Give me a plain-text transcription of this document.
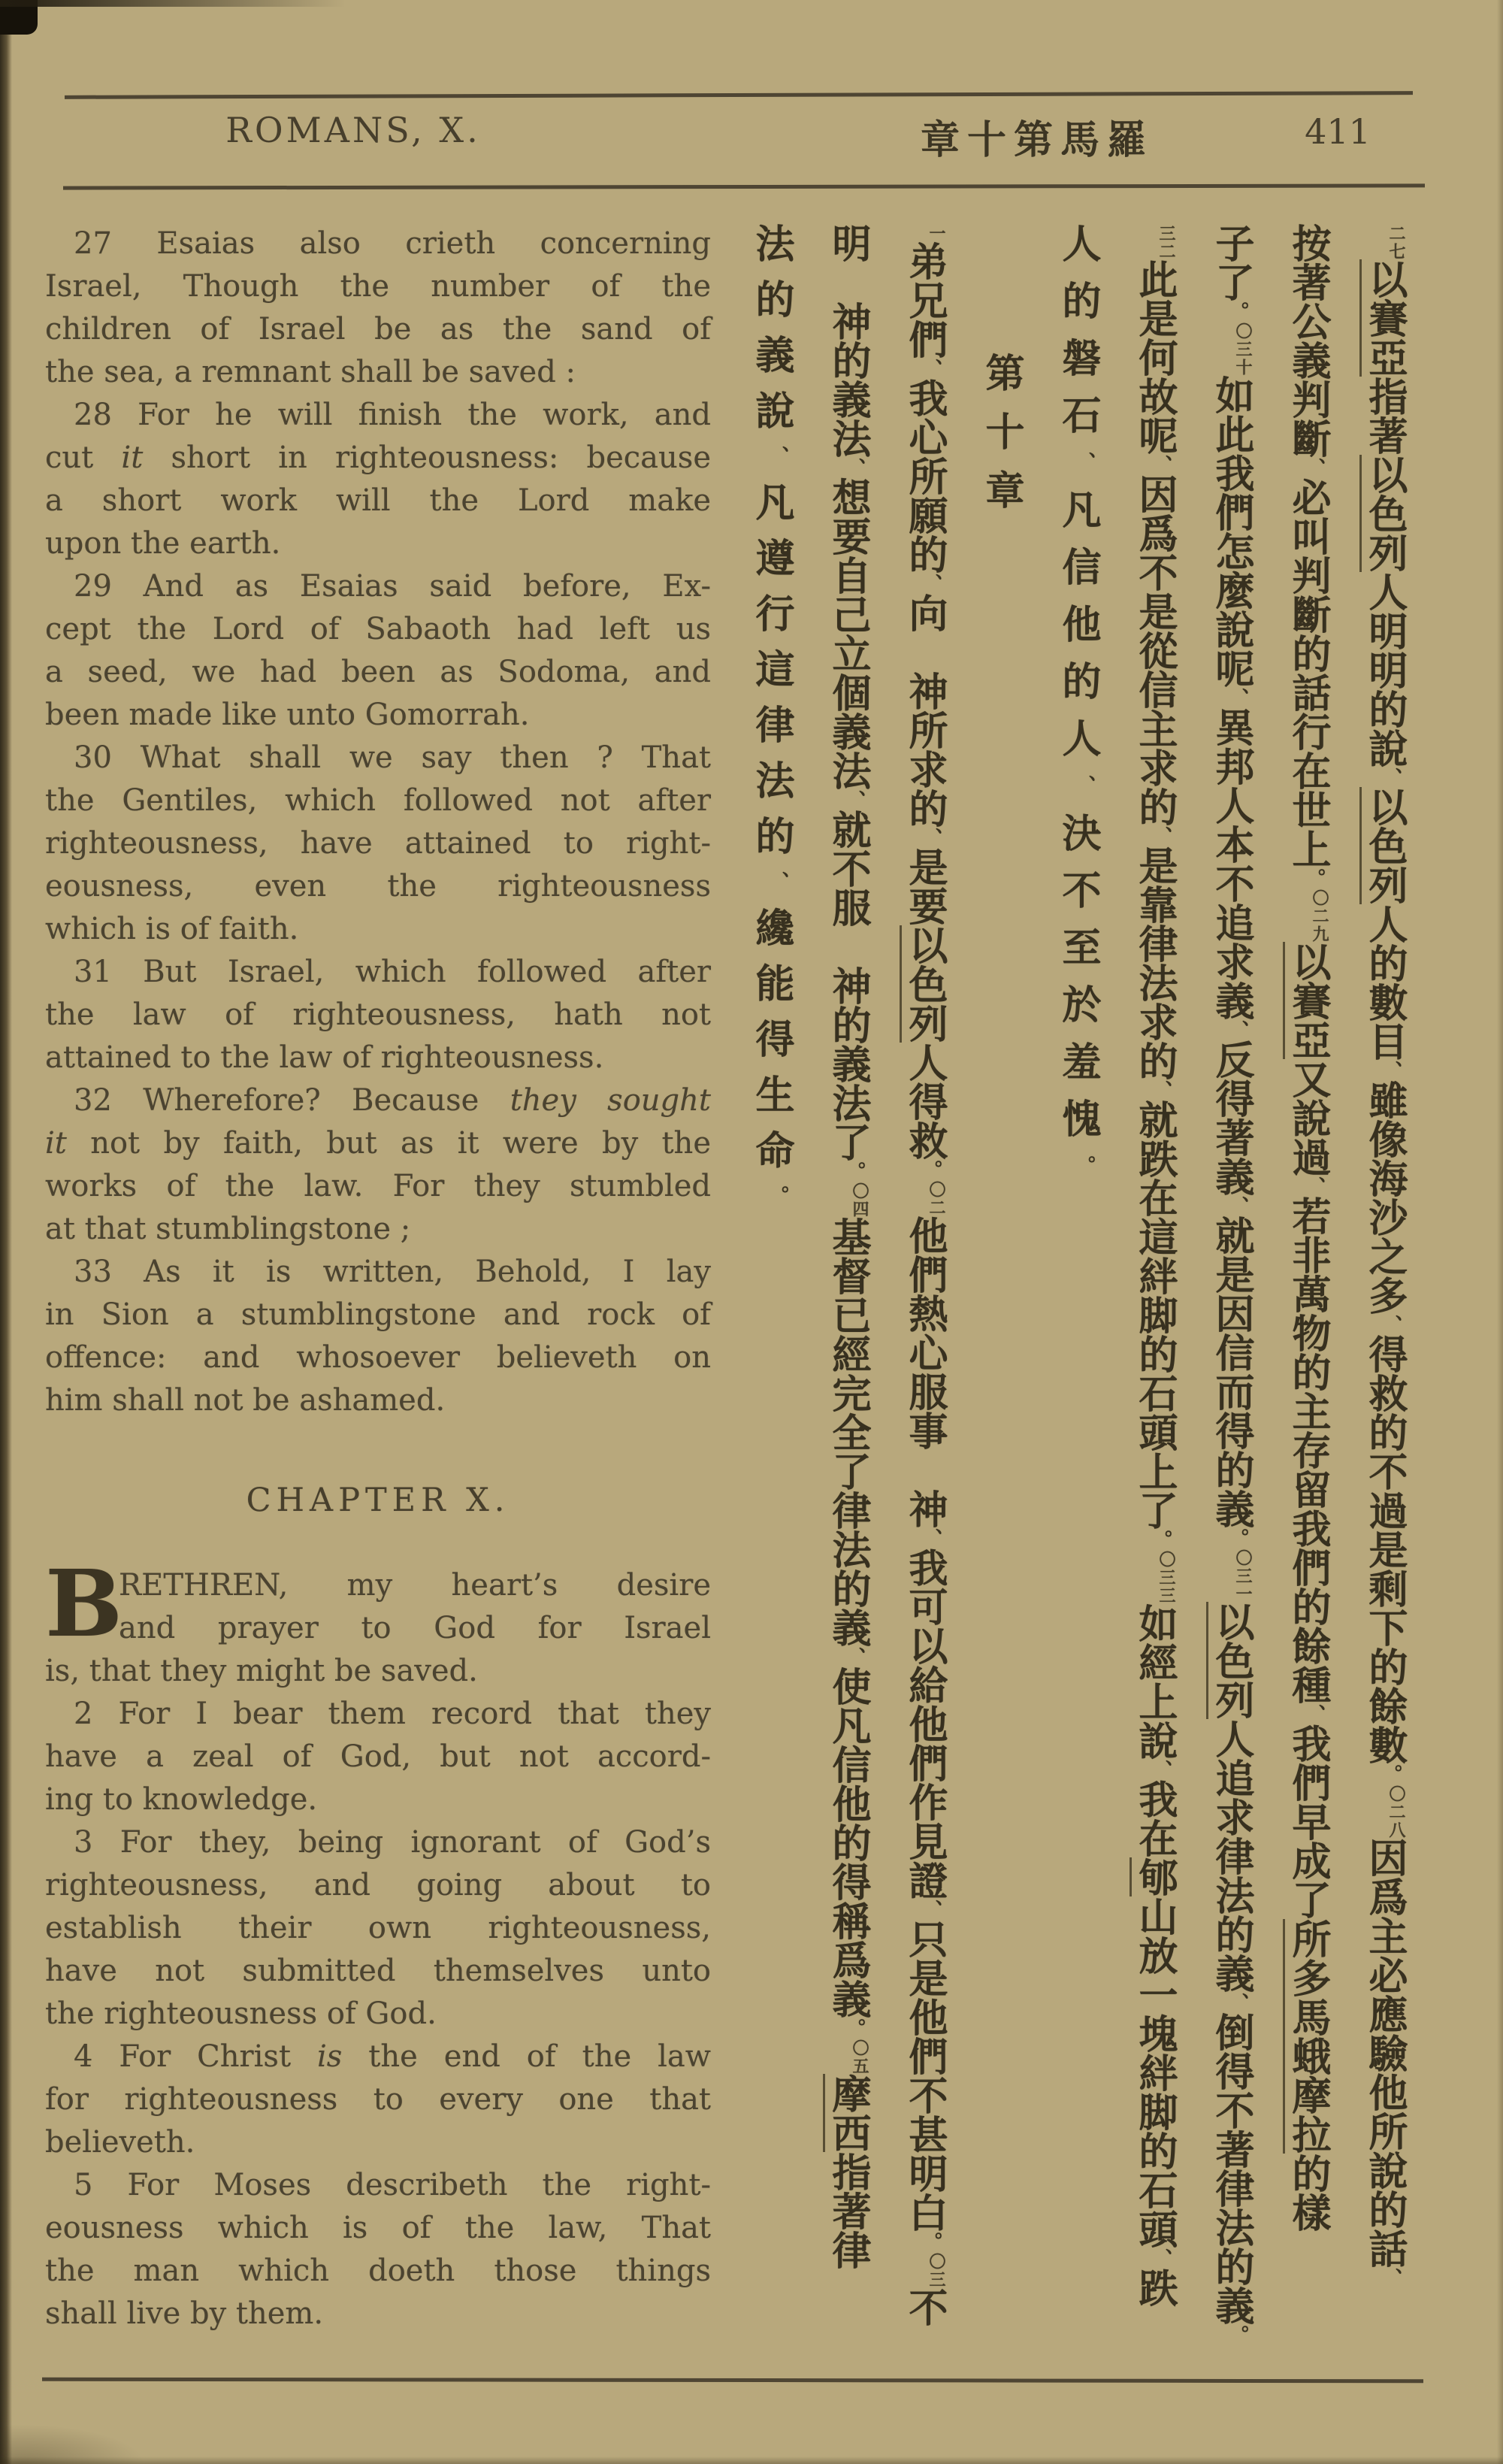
ROMANS, X.	章十第馬羅	411
27 Esaias also crieth concerning
Israel, Though the number of the
children of Israel be as the sand of
the sea, a remnant shall be saved :
28 For he will finish the work, and
cut it short in righteousness: because
a short work will the Lord make
upon the earth.
29 And as Esaias said before, Ex-
cept the Lord of Sabaoth had left us
a seed, we had been as Sodoma, and
been made like unto Gomorrah.
30 What shall we say then ? That
the Gentiles, which followed not after
righteousness, have attained to right-
eousness, even the righteousness
which is of faith.
31 But Israel, which followed after
the law of righteousness, hath not
attained to the law of righteousness.
32 Wherefore? Because they sought
it not by faith, but as it were by the
works of the law. For they stumbled
at that stumblingstone ;
33 As it is written, Behold, I lay
in Sion a stumblingstone and rock of
offence: and whosoever believeth on
him shall not be ashamed.
CHAPTER X.
B
RETHREN, my heart’s desire
and prayer to God for Israel
is, that they might be saved.
2 For I bear them record that they
have a zeal of God, but not accord-
ing to knowledge.
3 For they, being ignorant of God’s
righteousness, and going about to
establish their own righteousness,
have not submitted themselves unto
the righteousness of God.
4 For Christ is the end of the law
for righteousness to every one that
believeth.
5 For Moses describeth the right-
eousness which is of the law, That
the man which doeth those things
shall live by them.
二七以賽亞指著以色列人明明的說、以色列人的數目、雖像海沙之多、得救的不過是剩下的餘數。〇二八因爲主必應驗他所說的話、
按著公義判斷、必叫判斷的話行在世上。〇二九以賽亞又說過、若非萬物的主存留我們的餘種、我們早成了所多馬蛾摩拉的樣
子了。〇三十如此我們怎麼說呢、異邦人本不追求義、反得著義、就是因信而得的義。〇三一以色列人追求律法的義、倒得不著律法的義。
三二此是何故呢、因爲不是從信主求的、是靠律法求的、就跌在這絆脚的石頭上了。〇三三如經上說、我在郇山放一塊絆脚的石頭、跌
人的磐石、凡信他的人、決不至於羞愧。
第十章
一弟兄們、我心所願的、向　神所求的、是要以色列人得救。〇二他們熱心服事　神、我可以給他們作見證、只是他們不甚明白。〇三不
明　神的義法、想要自己立個義法、就不服　神的義法了。〇四基督已經完全了律法的義、使凡信他的得稱爲義。〇五摩西指著律
法的義說、凡遵行這律法的、纔能得生命。
